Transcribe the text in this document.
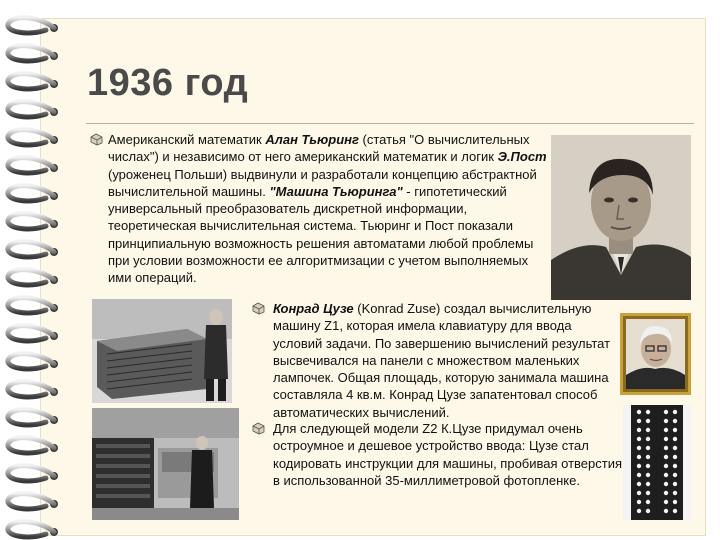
1936 год
Американский математик Алан Тьюринг (статья "О вычислительных числах") и независимо от него американский математик и логик Э.Пост (уроженец Польши) выдвинули и разработали концепцию абстрактной вычислительной машины. "Машина Тьюринга" - гипотетический универсальный преобразователь дискретной информации, теоретическая вычислительная система. Тьюринг и Пост показали принципиальную возможность решения автоматами любой проблемы при условии возможности ее алгоритмизации с учетом выполняемых ими операций.
Конрад Цузе (Konrad Zuse) создал вычислительную машину Z1, которая имела клавиатуру для ввода условий задачи. По завершению вычислений результат высвечивался на панели с множеством маленьких лампочек. Общая площадь, которую занимала машина составляла 4 кв.м. Конрад Цузе запатентовал способ автоматических вычислений.
Для следующей модели Z2 К.Цузе придумал очень остроумное и дешевое устройство ввода: Цузе стал кодировать инструкции для машины, пробивая отверстия в использованной 35-миллиметровой фотопленке.
